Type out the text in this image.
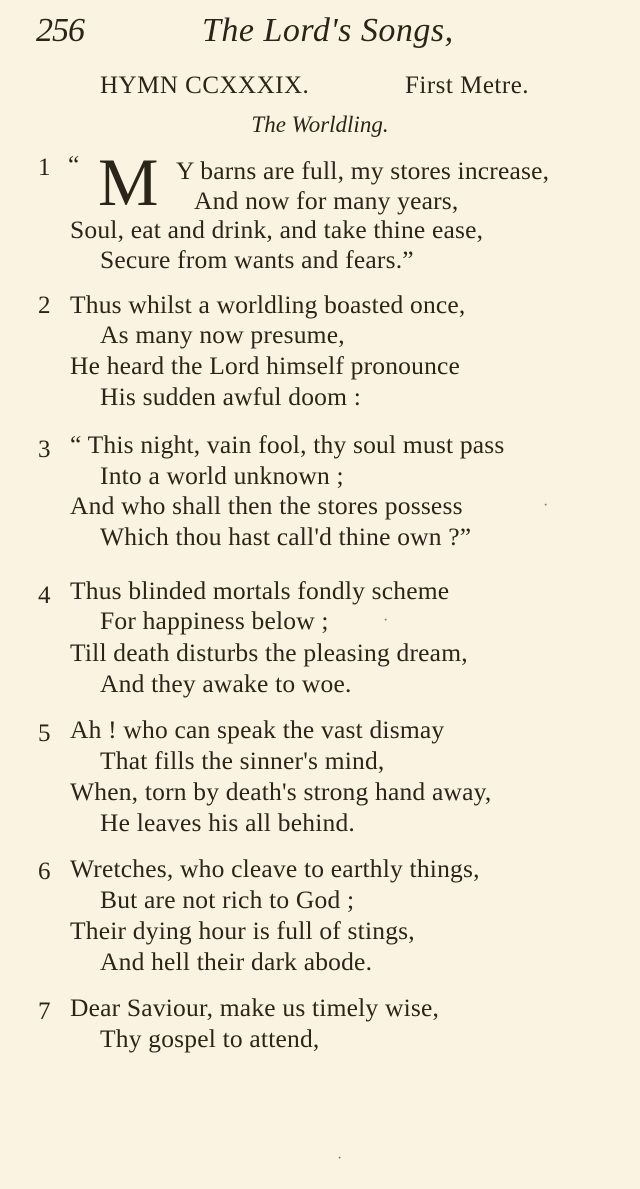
256	The Lord's Songs,
HYMN CCXXXIX.	First Metre.
The Worldling.
1 “ M Y barns are full, my stores increase,
And now for many years,
Soul, eat and drink, and take thine ease,
Secure from wants and fears.”
2 Thus whilst a worldling boasted once,
As many now presume,
He heard the Lord himself pronounce
His sudden awful doom :
3 “ This night, vain fool, thy soul must pass
Into a world unknown ;
And who shall then the stores possess
Which thou hast call'd thine own ?”
4 Thus blinded mortals fondly scheme
For happiness below ;
Till death disturbs the pleasing dream,
And they awake to woe.
5 Ah ! who can speak the vast dismay
That fills the sinner's mind,
When, torn by death's strong hand away,
He leaves his all behind.
6 Wretches, who cleave to earthly things,
But are not rich to God ;
Their dying hour is full of stings,
And hell their dark abode.
7 Dear Saviour, make us timely wise,
Thy gospel to attend,
·
·
·
